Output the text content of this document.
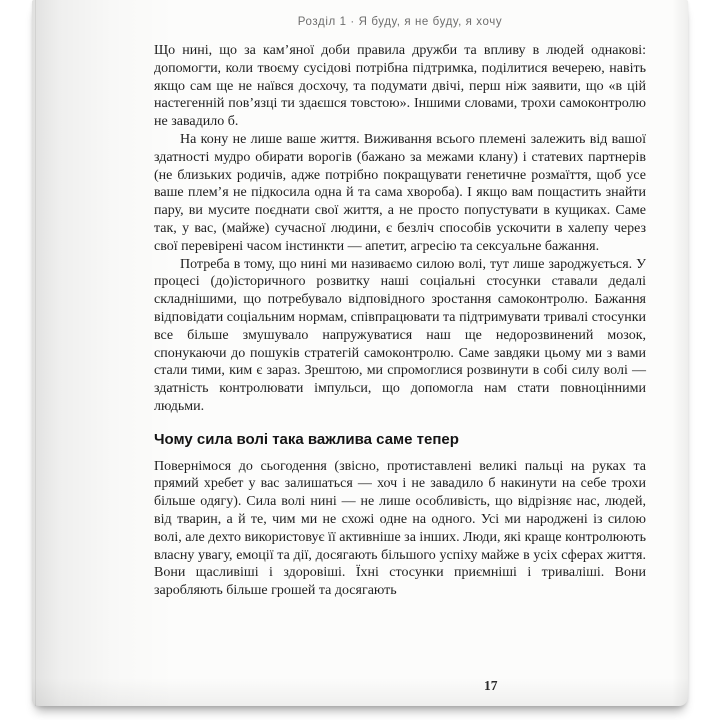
Розділ 1 · Я буду, я не буду, я хочу

Що нині, що за кам’яної доби правила дружби та впливу в людей однакові: допомогти, коли твоєму сусідові потрібна підтримка, поділитися вечерею, навіть якщо сам ще не наївся досхочу, та подумати двічі, перш ніж заявити, що «в цій настегенній пов’язці ти здаєшся товстою». Іншими словами, трохи самоконтролю не завадило б.

На кону не лише ваше життя. Виживання всього племені залежить від вашої здатності мудро обирати ворогів (бажано за межами клану) і статевих партнерів (не близьких родичів, адже потрібно покращувати генетичне розмаїття, щоб усе ваше плем’я не підкосила одна й та сама хвороба). І якщо вам пощастить знайти пару, ви мусите поєднати свої життя, а не просто попустувати в кущиках. Саме так, у вас, (майже) сучасної людини, є безліч способів ускочити в халепу через свої перевірені часом інстинкти — апетит, агресію та сексуальне бажання.

Потреба в тому, що нині ми називаємо силою волі, тут лише зароджується. У процесі (до)історичного розвитку наші соціальні стосунки ставали дедалі складнішими, що потребувало відповідного зростання самоконтролю. Бажання відповідати соціальним нормам, співпрацювати та підтримувати тривалі стосунки все більше змушувало напружуватися наш ще недорозвинений мозок, спонукаючи до пошуків стратегій самоконтролю. Саме завдяки цьому ми з вами стали тими, ким є зараз. Зрештою, ми спромоглися розвинути в собі силу волі — здатність контролювати імпульси, що допомогла нам стати повноцінними людьми.

Чому сила волі така важлива саме тепер

Повернімося до сьогодення (звісно, протиставлені великі пальці на руках та прямий хребет у вас залишаться — хоч і не завадило б накинути на себе трохи більше одягу). Сила волі нині — не лише особливість, що відрізняє нас, людей, від тварин, а й те, чим ми не схожі одне на одного. Усі ми народжені із силою волі, але дехто використовує її активніше за інших. Люди, які краще контролюють власну увагу, емоції та дії, досягають більшого успіху майже в усіх сферах життя. Вони щасливіші і здоровіші. Їхні стосунки приємніші і триваліші. Вони заробляють більше грошей та досягають

17
